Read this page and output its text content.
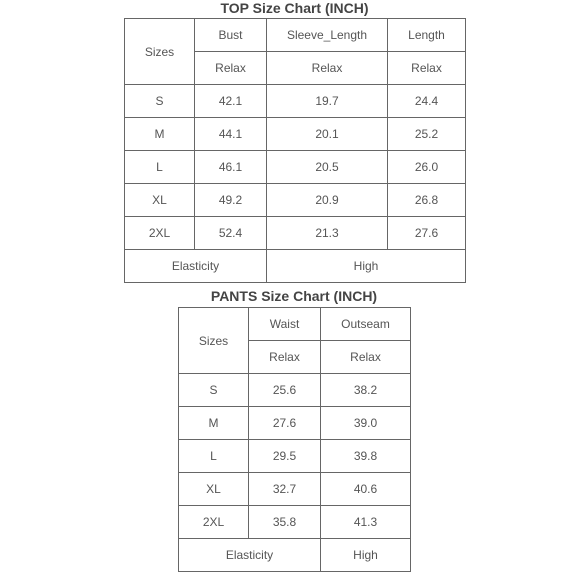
TOP Size Chart (INCH)
Sizes	Bust	Sleeve_Length	Length
	Relax	Relax	Relax
S	42.1	19.7	24.4
M	44.1	20.1	25.2
L	46.1	20.5	26.0
XL	49.2	20.9	26.8
2XL	52.4	21.3	27.6
Elasticity		High	
PANTS Size Chart (INCH)
Sizes	Waist	Outseam
	Relax	Relax
S	25.6	38.2
M	27.6	39.0
L	29.5	39.8
XL	32.7	40.6
2XL	35.8	41.3
Elasticity		High
